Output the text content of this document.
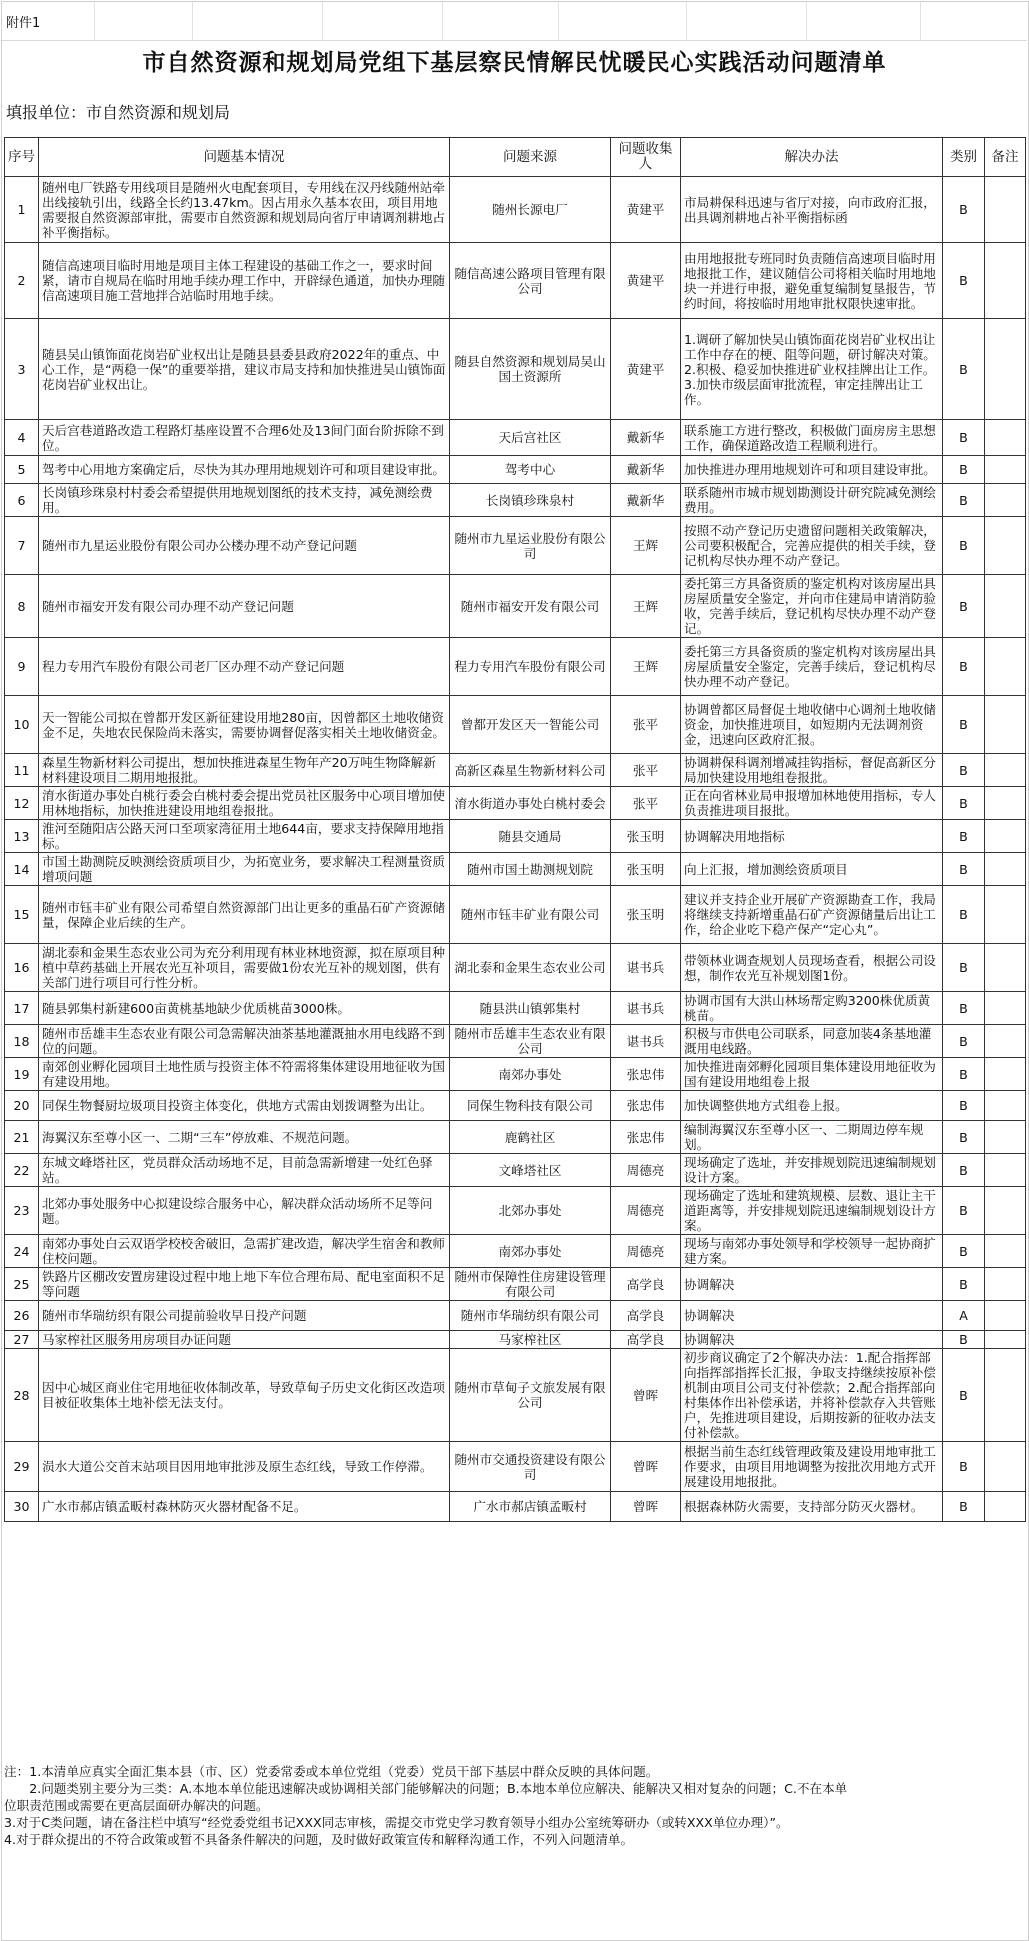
附件1
市自然资源和规划局党组下基层察民情解民忧暖民心实践活动问题清单
填报单位：市自然资源和规划局
序号	问题基本情况	问题来源	问题收集人	解决办法	类别	备注
1	随州电厂铁路专用线项目是随州火电配套项目，专用线在汉丹线随州站牵出线接轨引出，线路全长约13.47km。因占用永久基本农田，项目用地需要报自然资源部审批，需要市自然资源和规划局向省厅申请调剂耕地占补平衡指标。	随州长源电厂	黄建平	市局耕保科迅速与省厅对接，向市政府汇报，出具调剂耕地占补平衡指标函	B	
2	随信高速项目临时用地是项目主体工程建设的基础工作之一，要求时间紧，请市自规局在临时用地手续办理工作中，开辟绿色通道，加快办理随信高速项目施工营地拌合站临时用地手续。	随信高速公路项目管理有限公司	黄建平	由用地报批专班同时负责随信高速项目临时用地报批工作，建议随信公司将相关临时用地地块一并进行申报，避免重复编制复垦报告，节约时间，将按临时用地审批权限快速审批。	B	
3	随县吴山镇饰面花岗岩矿业权出让是随县县委县政府2022年的重点、中心工作，是“两稳一保”的重要举措，建议市局支持和加快推进吴山镇饰面花岗岩矿业权出让。	随县自然资源和规划局吴山国土资源所	黄建平	1.调研了解加快吴山镇饰面花岗岩矿业权出让工作中存在的梗、阻等问题，研讨解决对策。
2.积极、稳妥加快推进矿业权挂牌出让工作。
3.加快市级层面审批流程，审定挂牌出让工作。	B	
4	天后宫巷道路改造工程路灯基座设置不合理6处及13间门面台阶拆除不到位。	天后宫社区	戴新华	联系施工方进行整改，积极做门面房房主思想工作，确保道路改造工程顺利进行。	B	
5	驾考中心用地方案确定后，尽快为其办理用地规划许可和项目建设审批。	驾考中心	戴新华	加快推进办理用地规划许可和项目建设审批。	B	
6	长岗镇珍珠泉村村委会希望提供用地规划图纸的技术支持，减免测绘费用。	长岗镇珍珠泉村	戴新华	联系随州市城市规划勘测设计研究院减免测绘费用。	B	
7	随州市九星运业股份有限公司办公楼办理不动产登记问题	随州市九星运业股份有限公司	王辉	按照不动产登记历史遗留问题相关政策解决，公司要积极配合，完善应提供的相关手续，登记机构尽快办理不动产登记。	B	
8	随州市福安开发有限公司办理不动产登记问题	随州市福安开发有限公司	王辉	委托第三方具备资质的鉴定机构对该房屋出具房屋质量安全鉴定，并向市住建局申请消防验收，完善手续后，登记机构尽快办理不动产登记。	B	
9	程力专用汽车股份有限公司老厂区办理不动产登记问题	程力专用汽车股份有限公司	王辉	委托第三方具备资质的鉴定机构对该房屋出具房屋质量安全鉴定，完善手续后，登记机构尽快办理不动产登记。	B	
10	天一智能公司拟在曾都开发区新征建设用地280亩，因曾都区土地收储资金不足，失地农民保险尚未落实，需要协调督促落实相关土地收储资金。	曾都开发区天一智能公司	张平	协调曾都区局督促土地收储中心调剂土地收储资金，加快推进项目，如短期内无法调剂资金，迅速向区政府汇报。	B	
11	森星生物新材料公司提出，想加快推进森星生物年产20万吨生物降解新材料建设项目二期用地报批。	高新区森星生物新材料公司	张平	协调耕保科调剂增减挂钩指标，督促高新区分局加快建设用地组卷报批。	B	
12	淯水街道办事处白桃行委会白桃村委会提出党员社区服务中心项目增加使用林地指标，加快推进建设用地组卷报批。	淯水街道办事处白桃村委会	张平	正在向省林业局申报增加林地使用指标，专人负责推进项目报批。	B	
13	淮河至随阳店公路天河口至项家湾征用土地644亩，要求支持保障用地指标。	随县交通局	张玉明	协调解决用地指标	B	
14	市国土勘测院反映测绘资质项目少，为拓宽业务，要求解决工程测量资质增项问题	随州市国土勘测规划院	张玉明	向上汇报，增加测绘资质项目	B	
15	随州市钰丰矿业有限公司希望自然资源部门出让更多的重晶石矿产资源储量，保障企业后续的生产。	随州市钰丰矿业有限公司	张玉明	建议并支持企业开展矿产资源勘查工作，我局将继续支持新增重晶石矿产资源储量后出让工作，给企业吃下稳产保产“定心丸”。	B	
16	湖北泰和金果生态农业公司为充分利用现有林业林地资源，拟在原项目种植中草药基础上开展农光互补项目，需要做1份农光互补的规划图，供有关部门进行项目可行性分析。	湖北泰和金果生态农业公司	谌书兵	带领林业调查规划人员现场查看，根据公司设想，制作农光互补规划图1份。	B	
17	随县郭集村新建600亩黄桃基地缺少优质桃苗3000株。	随县洪山镇郭集村	谌书兵	协调市国有大洪山林场帮定购3200株优质黄桃苗。	B	
18	随州市岳雄丰生态农业有限公司急需解决油茶基地灌溉抽水用电线路不到位的问题。	随州市岳雄丰生态农业有限公司	谌书兵	积极与市供电公司联系，同意加装4条基地灌溉用电线路。	B	
19	南郊创业孵化园项目土地性质与投资主体不符需将集体建设用地征收为国有建设用地。	南郊办事处	张忠伟	加快推进南郊孵化园项目集体建设用地征收为国有建设用地组卷上报	B	
20	同保生物餐厨垃圾项目投资主体变化，供地方式需由划拨调整为出让。	同保生物科技有限公司	张忠伟	加快调整供地方式组卷上报。	B	
21	海翼汉东至尊小区一、二期“三车”停放难、不规范问题。	鹿鹤社区	张忠伟	编制海翼汉东至尊小区一、二期周边停车规划。	B	
22	东城文峰塔社区，党员群众活动场地不足，目前急需新增建一处红色驿站。	文峰塔社区	周德亮	现场确定了选址，并安排规划院迅速编制规划设计方案。	B	
23	北郊办事处服务中心拟建设综合服务中心，解决群众活动场所不足等问题。	北郊办事处	周德亮	现场确定了选址和建筑规模、层数、退让主干道距离等，并安排规划院迅速编制规划设计方案。	B	
24	南郊办事处白云双语学校校舍破旧，急需扩建改造，解决学生宿舍和教师住校问题。	南郊办事处	周德亮	现场与南郊办事处领导和学校领导一起协商扩建方案。	B	
25	铁路片区棚改安置房建设过程中地上地下车位合理布局、配电室面积不足等问题	随州市保障性住房建设管理有限公司	高学良	协调解决	B	
26	随州市华瑞纺织有限公司提前验收早日投产问题	随州市华瑞纺织有限公司	高学良	协调解决	A	
27	马家榨社区服务用房项目办证问题	马家榨社区	高学良	协调解决	B	
28	因中心城区商业住宅用地征收体制改革，导致草甸子历史文化街区改造项目被征收集体土地补偿无法支付。	随州市草甸子文旅发展有限公司	曾晖	初步商议确定了2个解决办法：1.配合指挥部向指挥部指挥长汇报，争取支持继续按原补偿机制由项目公司支付补偿款；2.配合指挥部向村集体作出补偿承诺，并将补偿款存入共管账户，先推进项目建设，后期按新的征收办法支付补偿款。	B	
29	涢水大道公交首末站项目因用地审批涉及原生态红线，导致工作停滞。	随州市交通投资建设有限公司	曾晖	根据当前生态红线管理政策及建设用地审批工作要求，由项目用地调整为按批次用地方式开展建设用地报批。	B	
30	广水市郝店镇孟畈村森林防灭火器材配备不足。	广水市郝店镇孟畈村	曾晖	根据森林防火需要，支持部分防灭火器材。	B	
注：1.本清单应真实全面汇集本县（市、区）党委常委或本单位党组（党委）党员干部下基层中群众反映的具体问题。
　　2.问题类别主要分为三类：A.本地本单位能迅速解决或协调相关部门能够解决的问题；B.本地本单位应解决、能解决又相对复杂的问题；C.不在本单
位职责范围或需要在更高层面研办解决的问题。
3.对于C类问题，请在备注栏中填写“经党委党组书记XXX同志审核，需提交市党史学习教育领导小组办公室统筹研办（或转XXX单位办理）”。
4.对于群众提出的不符合政策或暂不具备条件解决的问题，及时做好政策宣传和解释沟通工作，不列入问题清单。
